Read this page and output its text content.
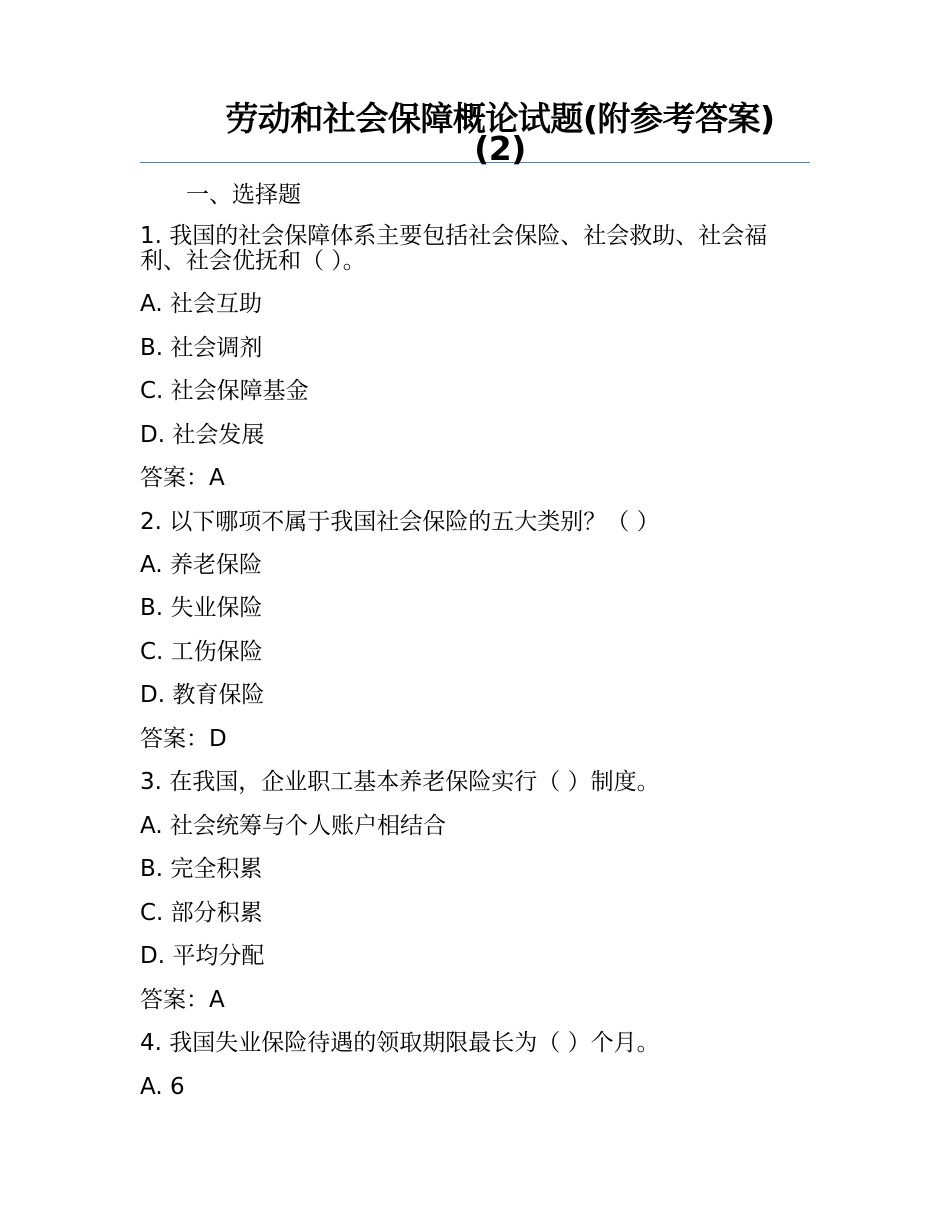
劳动和社会保障概论试题(附参考答案)(2)
一、选择题
1. 我国的社会保障体系主要包括社会保险、社会救助、社会福利、社会优抚和（ ）。
A. 社会互助
B. 社会调剂
C. 社会保障基金
D. 社会发展
答案：A
2. 以下哪项不属于我国社会保险的五大类别？（ ）
A. 养老保险
B. 失业保险
C. 工伤保险
D. 教育保险
答案：D
3. 在我国，企业职工基本养老保险实行（ ）制度。
A. 社会统筹与个人账户相结合
B. 完全积累
C. 部分积累
D. 平均分配
答案：A
4. 我国失业保险待遇的领取期限最长为（ ）个月。
A. 6
